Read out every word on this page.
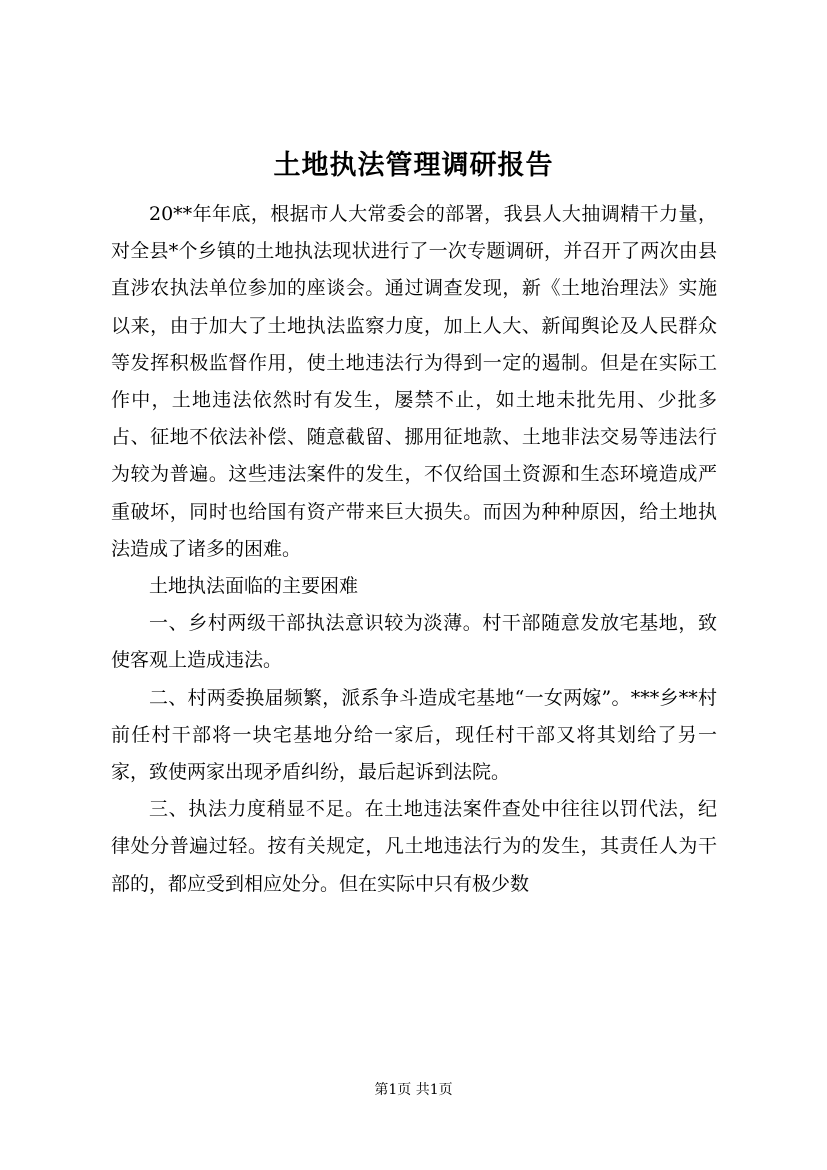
土地执法管理调研报告

20**年年底，根据市人大常委会的部署，我县人大抽调精干力量，对全县*个乡镇的土地执法现状进行了一次专题调研，并召开了两次由县直涉农执法单位参加的座谈会。通过调查发现，新《土地治理法》实施以来，由于加大了土地执法监察力度，加上人大、新闻舆论及人民群众等发挥积极监督作用，使土地违法行为得到一定的遏制。但是在实际工作中，土地违法依然时有发生，屡禁不止，如土地未批先用、少批多占、征地不依法补偿、随意截留、挪用征地款、土地非法交易等违法行为较为普遍。这些违法案件的发生，不仅给国土资源和生态环境造成严重破坏，同时也给国有资产带来巨大损失。而因为种种原因，给土地执法造成了诸多的困难。

土地执法面临的主要困难

一、乡村两级干部执法意识较为淡薄。村干部随意发放宅基地，致使客观上造成违法。

二、村两委换届频繁，派系争斗造成宅基地“一女两嫁”。***乡**村前任村干部将一块宅基地分给一家后，现任村干部又将其划给了另一家，致使两家出现矛盾纠纷，最后起诉到法院。

三、执法力度稍显不足。在土地违法案件查处中往往以罚代法，纪律处分普遍过轻。按有关规定，凡土地违法行为的发生，其责任人为干部的，都应受到相应处分。但在实际中只有极少数

第1页 共1页
